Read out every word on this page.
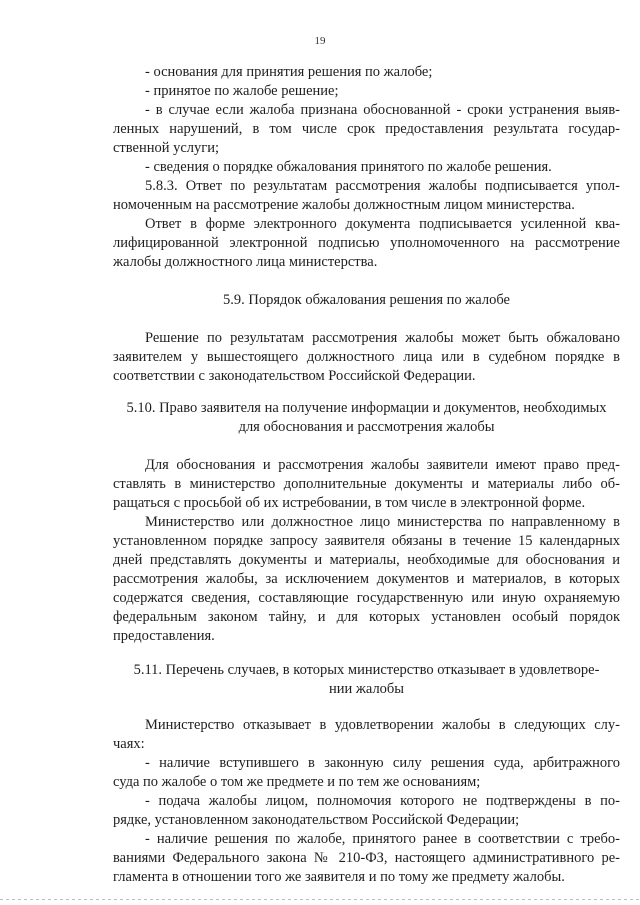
19
- основания для принятия решения по жалобе;
- принятое по жалобе решение;
- в случае если жалоба признана обоснованной - сроки устранения выяв-
ленных нарушений, в том числе срок предоставления результата государ-
ственной услуги;
- сведения о порядке обжалования принятого по жалобе решения.
5.8.3. Ответ по результатам рассмотрения жалобы подписывается упол-
номоченным на рассмотрение жалобы должностным лицом министерства.
Ответ в форме электронного документа подписывается усиленной ква-
лифицированной электронной подписью уполномоченного на рассмотрение
жалобы должностного лица министерства.
5.9. Порядок обжалования решения по жалобе
Решение по результатам рассмотрения жалобы может быть обжаловано
заявителем у вышестоящего должностного лица или в судебном порядке в
соответствии с законодательством Российской Федерации.
5.10. Право заявителя на получение информации и документов, необходимых
для обоснования и рассмотрения жалобы
Для обоснования и рассмотрения жалобы заявители имеют право пред-
ставлять в министерство дополнительные документы и материалы либо об-
ращаться с просьбой об их истребовании, в том числе в электронной форме.
Министерство или должностное лицо министерства по направленному в
установленном порядке запросу заявителя обязаны в течение 15 календарных
дней представлять документы и материалы, необходимые для обоснования и
рассмотрения жалобы, за исключением документов и материалов, в которых
содержатся сведения, составляющие государственную или иную охраняемую
федеральным законом тайну, и для которых установлен особый порядок
предоставления.
5.11. Перечень случаев, в которых министерство отказывает в удовлетворе-
нии жалобы
Министерство отказывает в удовлетворении жалобы в следующих слу-
чаях:
- наличие вступившего в законную силу решения суда, арбитражного
суда по жалобе о том же предмете и по тем же основаниям;
- подача жалобы лицом, полномочия которого не подтверждены в по-
рядке, установленном законодательством Российской Федерации;
- наличие решения по жалобе, принятого ранее в соответствии с требо-
ваниями Федерального закона № 210-ФЗ, настоящего административного ре-
гламента в отношении того же заявителя и по тому же предмету жалобы.
